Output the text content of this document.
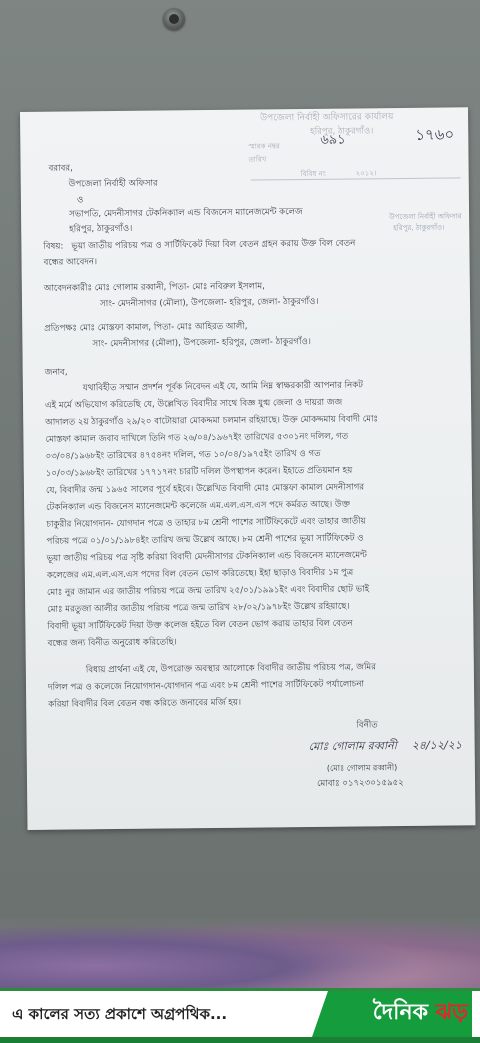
উপজেলা নির্বাহী অফিসারের কার্যালয়
হরিপুর, ঠাকুরগাঁও।
স্মারক নম্বর	৬৯১
তারিখ
১৭৬০
বিবিধ নং	২০১২।
বরাবর,
উপজেলা নির্বাহী অফিসার
ও
সভাপতি, মেদনীসাগর টেকনিক্যাল এন্ড বিজনেস ম্যানেজমেন্ট কলেজ
হরিপুর, ঠাকুরগাঁও।
উপজেলা নির্বাহী অফিসার
হরিপুর, ঠাকুরগাঁও।
বিষয়: ভূয়া জাতীয় পরিচয় পত্র ও সার্টিফিকেট দিয়া বিল বেতন গ্রহন করায় উক্ত বিল বেতন
বন্ধের আবেদন।
আবেদনকারীঃ মোঃ গোলাম রব্বানী, পিতা- মোঃ নবিরুল ইসলাম,
সাং- মেদনীসাগর (মৌলা), উপজেলা- হরিপুর, জেলা- ঠাকুরগাঁও।
প্রতিপক্ষঃ মোঃ মোস্তফা কামাল, পিতা- মোঃ আহিরত আলী,
সাং- মেদনীসাগর (মৌলা), উপজেলা- হরিপুর, জেলা- ঠাকুরগাঁও।
জনাব,
যথাবিহীত সম্মান প্রদর্শন পূর্বক নিবেদন এই যে, আমি নিম্ন স্বাক্ষরকারী আপনার নিকট
এই মর্মে অভিযোগ করিতেছি যে, উল্লেখিত বিবাদীর সাথে বিজ্ঞ যুগ্ম জেলা ও দায়রা জজ
আদালত ২য় ঠাকুরগাঁও ২৯/২০ বাটোয়ারা মোকদ্দমা চলমান রহিয়াছে। উক্ত মোকদ্দমায় বিবাদী মোঃ
মোস্তফা কামাল জবাব দাখিলে তিনি গত ২৬/০৪/১৯৬৭ইং তারিখের ৫৩০১নং দলিল, গত
০৩/০৪/১৯৬৮ইং তারিখের ৪৭৫৪নং দলিল, গত ১০/০৪/১৯৭৫ইং তারিখ ও গত
১০/০৩/১৯৬৮ইং তারিখের ১৭৭১৭নং চারটি দলিল উপস্থাপন করেন। ইহাতে প্রতিয়মান হয়
যে, বিবাদীর জন্ম ১৯৬৫ সালের পূর্বে হইবে। উল্লেখিত বিবাদী মোঃ মোস্তফা কামাল মেদনীসাগর
টেকনিক্যাল এন্ড বিজনেস ম্যানেজমেন্ট কলেজে এম.এল.এস.এস পদে কর্মরত আছে। উক্ত
চাকুরীর নিয়োগদান- যোগদান পত্রে ও তাহার ৮ম শ্রেনী পাশের সার্টিফিকেটে এবং তাহার জাতীয়
পরিচয় পত্রে ০১/০১/১৯৮৪ইং তারিখ জন্ম উল্লেখ আছে। ৮ম শ্রেনী পাশের ভূয়া সার্টিফিকেট ও
ভূয়া জাতীয় পরিচয় পত্র সৃষ্টি করিয়া বিবাদী মেদনীসাগর টেকনিক্যাল এন্ড বিজনেস ম্যানেজমেন্ট
কলেজের এম.এল.এস.এস পদের বিল বেতন ভোগ করিতেছে। ইহা ছাড়াও বিবাদীর ১ম পুত্র
মোঃ নুর জামান এর জাতীয় পরিচয় পত্রে জন্ম তারিখ ২৫/০১/১৯৯১ইং এবং বিবাদীর ছোট ভাই
মোঃ মরতুজা আলীর জাতীয় পরিচয় পত্রে জন্ম তারিখ ২৮/০২/১৯৭৮ইং উল্লেখ রহিয়াছে।
বিবাদী ভূয়া সার্টিফিকেট দিয়া উক্ত কলেজ হইতে বিল বেতন ভোগ করায় তাহার বিল বেতন
বন্ধের জন্য বিনীত অনুরোধ করিতেছি।
বিধায় প্রার্থনা এই যে, উপরোক্ত অবস্থার আলোকে বিবাদীর জাতীয় পরিচয় পত্র, জমির
দলিল পত্র ও কলেজে নিয়োগদান-যোগদান পত্র এবং ৮ম শ্রেনী পাশের সার্টিফিকেট পর্যালোচনা
করিয়া বিবাদীর বিল বেতন বন্ধ করিতে জনাবের মর্জি হয়।
বিনীত
মোঃ গোলাম রব্বানী ২৪/১২/২১
(মোঃ গোলাম রব্বানী)
মোবাঃ ০১৭২৩০১৫৯৫২
এ কালের সত্য প্রকাশে অগ্রপথিক...	দৈনিক ঝড়
